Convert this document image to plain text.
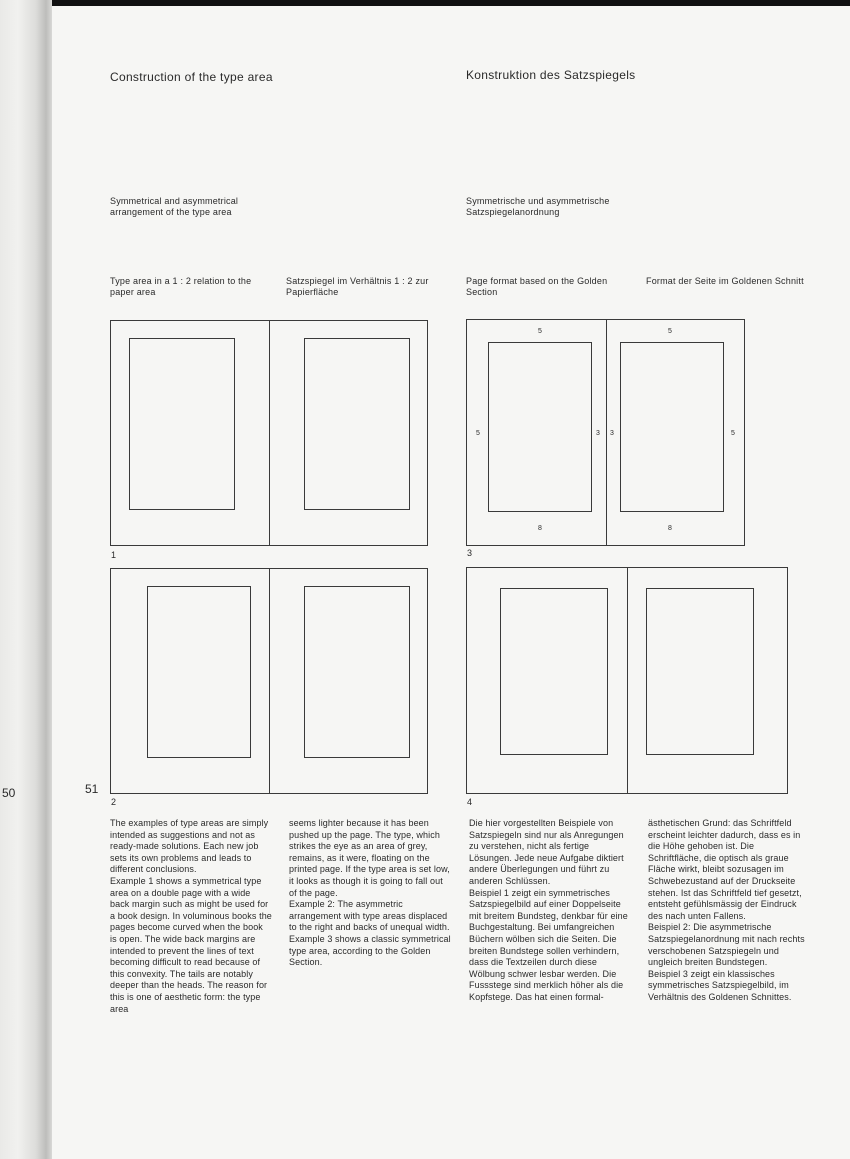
50
Construction of the type area	Konstruktion des Satzspiegels
Symmetrical and asymmetrical arrangement of the type area
Symmetrische und asymmetrische Satzspiegelanordnung
Type area in a 1 : 2 relation to the paper area
Satzspiegel im Verhältnis 1 : 2 zur Papierfläche
Page format based on the Golden Section
Format der Seite im Goldenen Schnitt
1
2
5	5
5	3 3	5
8	8
3
4
51

The examples of type areas are simply intended as suggestions and not as ready-made solutions. Each new job sets its own problems and leads to different conclusions.

Example 1 shows a symmetrical type area on a double page with a wide back margin such as might be used for a book design. In voluminous books the pages become curved when the book is open. The wide back margins are intended to prevent the lines of text becoming difficult to read because of this convexity. The tails are notably deeper than the heads. The reason for this is one of aesthetic form: the type area

seems lighter because it has been pushed up the page. The type, which strikes the eye as an area of grey, remains, as it were, floating on the printed page. If the type area is set low, it looks as though it is going to fall out of the page.

Example 2: The asymmetric arrangement with type areas displaced to the right and backs of unequal width.

Example 3 shows a classic symmetrical type area, according to the Golden Section.

Die hier vorgestellten Beispiele von Satzspiegeln sind nur als Anregungen zu verstehen, nicht als fertige Lösungen. Jede neue Aufgabe diktiert andere Überlegungen und führt zu anderen Schlüssen.

Beispiel 1 zeigt ein symmetrisches Satzspiegelbild auf einer Doppelseite mit breitem Bundsteg, denkbar für eine Buchgestaltung. Bei umfangreichen Büchern wölben sich die Seiten. Die breiten Bundstege sollen verhindern, dass die Textzeilen durch diese Wölbung schwer lesbar werden. Die Fussstege sind merklich höher als die Kopfstege. Das hat einen formal-

ästhetischen Grund: das Schriftfeld erscheint leichter dadurch, dass es in die Höhe gehoben ist. Die Schriftfläche, die optisch als graue Fläche wirkt, bleibt sozusagen im Schwebezustand auf der Druckseite stehen. Ist das Schriftfeld tief gesetzt, entsteht gefühlsmässig der Eindruck des nach unten Fallens.

Beispiel 2: Die asymmetrische Satzspiegelanordnung mit nach rechts verschobenen Satzspiegeln und ungleich breiten Bundstegen.

Beispiel 3 zeigt ein klassisches symmetrisches Satzspiegelbild, im Verhältnis des Goldenen Schnittes.
